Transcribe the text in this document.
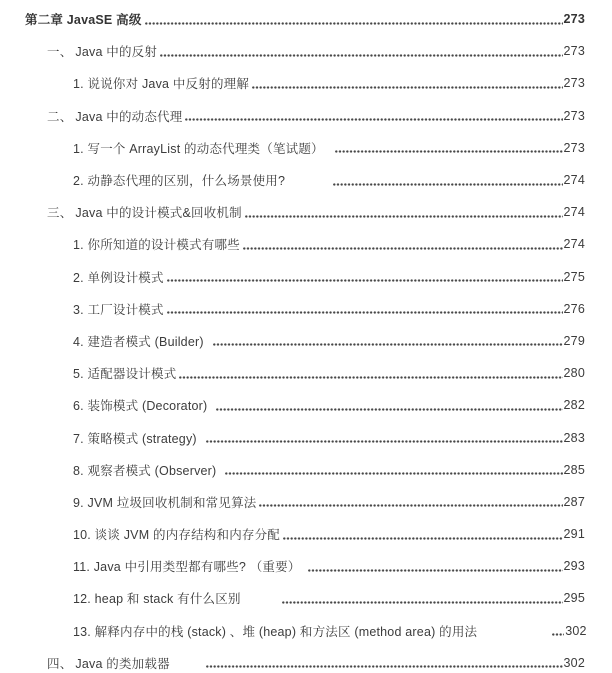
第二章 JavaSE 高级	273
一、 Java 中的反射	273
1. 说说你对 Java 中反射的理解	273
二、 Java 中的动态代理	273
1. 写一个 ArrayList 的动态代理类（笔试题）	273
2. 动静态代理的区别，什么场景使用?	274
三、 Java 中的设计模式&回收机制	274
1. 你所知道的设计模式有哪些	274
2. 单例设计模式	275
3. 工厂设计模式	276
4. 建造者模式 (Builder)	279
5. 适配器设计模式	280
6. 装饰模式 (Decorator)	282
7. 策略模式 (strategy)	283
8. 观察者模式 (Observer)	285
9. JVM 垃圾回收机制和常见算法	287
10. 谈谈 JVM 的内存结构和内存分配	291
11. Java 中引用类型都有哪些? （重要）	293
12. heap 和 stack 有什么区别	295
13. 解释内存中的栈 (stack) 、堆 (heap) 和方法区 (method area) 的用法	302
四、 Java 的类加载器	302
